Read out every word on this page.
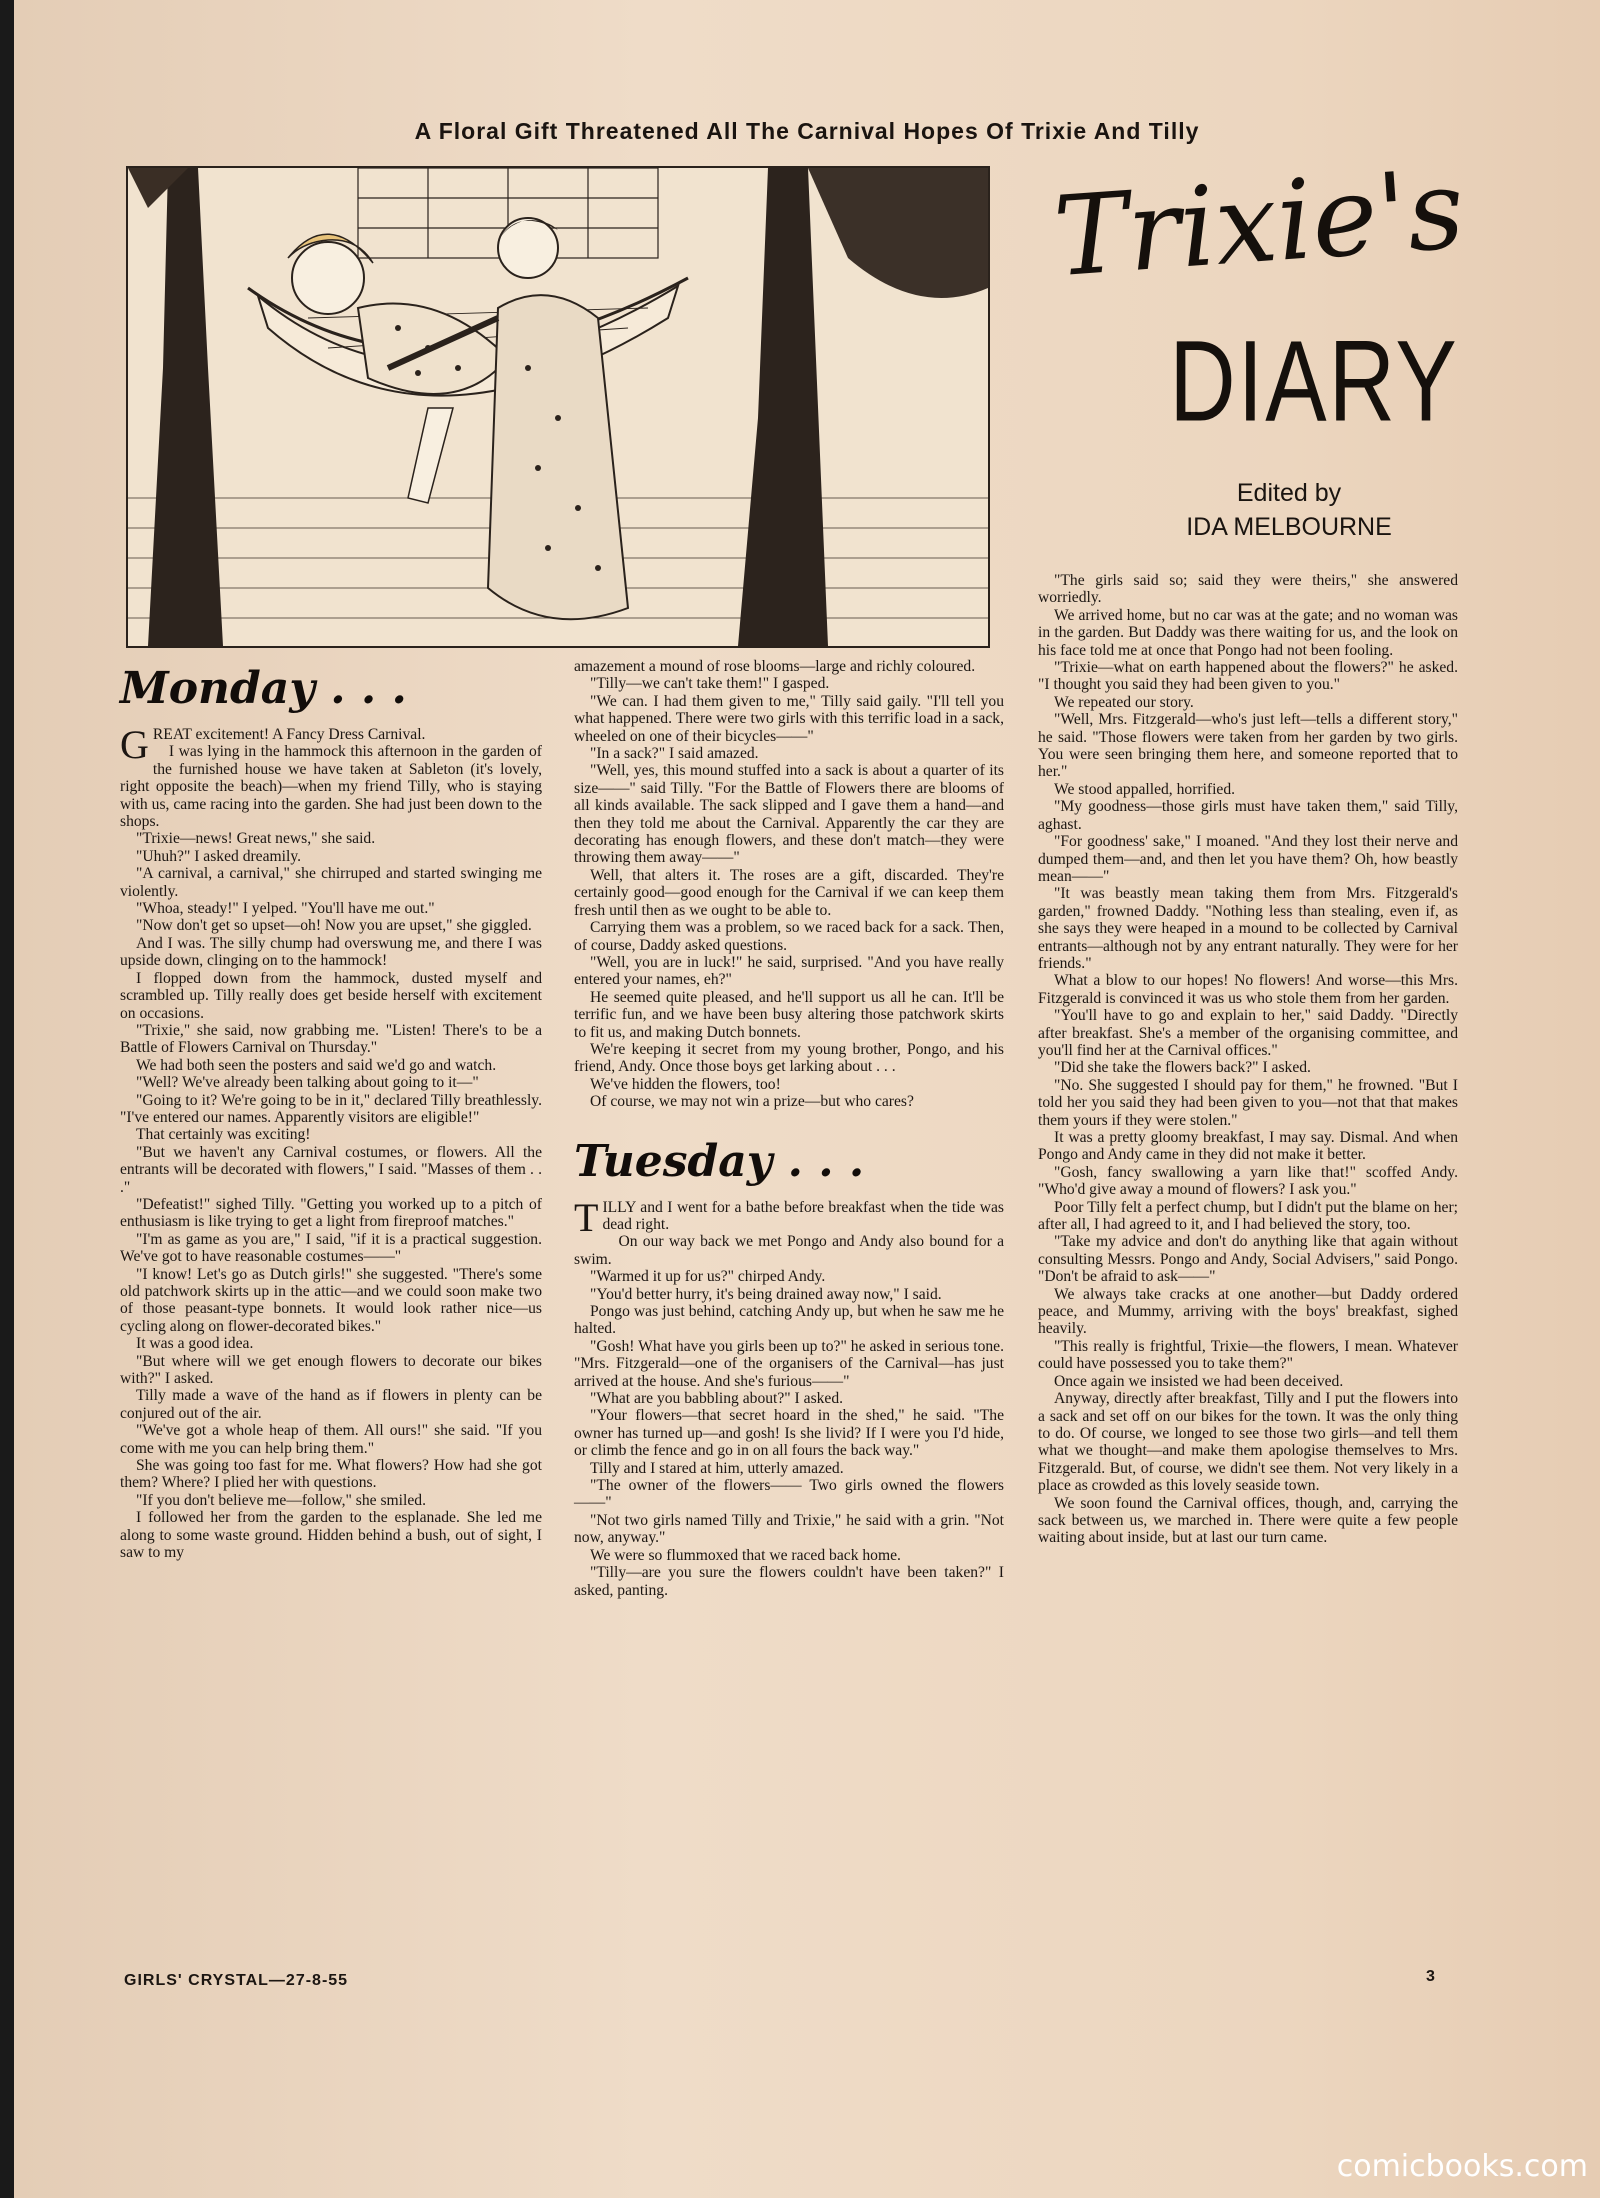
A Floral Gift Threatened All The Carnival Hopes Of Trixie And Tilly
Trixie's
DIARY
Edited by
IDA MELBOURNE
Monday . . .

GREAT excitement! A Fancy Dress Carnival.

I was lying in the hammock this afternoon in the garden of the furnished house we have taken at Sableton (it's lovely, right opposite the beach)—when my friend Tilly, who is staying with us, came racing into the garden. She had just been down to the shops.

"Trixie—news! Great news," she said.

"Uhuh?" I asked dreamily.

"A carnival, a carnival," she chirruped and started swinging me violently.

"Whoa, steady!" I yelped. "You'll have me out."

"Now don't get so upset—oh! Now you are upset," she giggled.

And I was. The silly chump had overswung me, and there I was upside down, clinging on to the hammock!

I flopped down from the hammock, dusted myself and scrambled up. Tilly really does get beside herself with excitement on occasions.

"Trixie," she said, now grabbing me. "Listen! There's to be a Battle of Flowers Carnival on Thursday."

We had both seen the posters and said we'd go and watch.

"Well? We've already been talking about going to it—"

"Going to it? We're going to be in it," declared Tilly breathlessly. "I've entered our names. Apparently visitors are eligible!"

That certainly was exciting!

"But we haven't any Carnival costumes, or flowers. All the entrants will be decorated with flowers," I said. "Masses of them . . ."

"Defeatist!" sighed Tilly. "Getting you worked up to a pitch of enthusiasm is like trying to get a light from fireproof matches."

"I'm as game as you are," I said, "if it is a practical suggestion. We've got to have reasonable costumes——"

"I know! Let's go as Dutch girls!" she suggested. "There's some old patchwork skirts up in the attic—and we could soon make two of those peasant-type bonnets. It would look rather nice—us cycling along on flower-decorated bikes."

It was a good idea.

"But where will we get enough flowers to decorate our bikes with?" I asked.

Tilly made a wave of the hand as if flowers in plenty can be conjured out of the air.

"We've got a whole heap of them. All ours!" she said. "If you come with me you can help bring them."

She was going too fast for me. What flowers? How had she got them? Where? I plied her with questions.

"If you don't believe me—follow," she smiled.

I followed her from the garden to the esplanade. She led me along to some waste ground. Hidden behind a bush, out of sight, I saw to my

amazement a mound of rose blooms—large and richly coloured.

"Tilly—we can't take them!" I gasped.

"We can. I had them given to me," Tilly said gaily. "I'll tell you what happened. There were two girls with this terrific load in a sack, wheeled on one of their bicycles——"

"In a sack?" I said amazed.

"Well, yes, this mound stuffed into a sack is about a quarter of its size——" said Tilly. "For the Battle of Flowers there are blooms of all kinds available. The sack slipped and I gave them a hand—and then they told me about the Carnival. Apparently the car they are decorating has enough flowers, and these don't match—they were throwing them away——"

Well, that alters it. The roses are a gift, discarded. They're certainly good—good enough for the Carnival if we can keep them fresh until then as we ought to be able to.

Carrying them was a problem, so we raced back for a sack. Then, of course, Daddy asked questions.

"Well, you are in luck!" he said, surprised. "And you have really entered your names, eh?"

He seemed quite pleased, and he'll support us all he can. It'll be terrific fun, and we have been busy altering those patchwork skirts to fit us, and making Dutch bonnets.

We're keeping it secret from my young brother, Pongo, and his friend, Andy. Once those boys get larking about . . .

We've hidden the flowers, too!

Of course, we may not win a prize—but who cares?

Tuesday . . .

TILLY and I went for a bathe before breakfast when the tide was dead right.

On our way back we met Pongo and Andy also bound for a swim.

"Warmed it up for us?" chirped Andy.

"You'd better hurry, it's being drained away now," I said.

Pongo was just behind, catching Andy up, but when he saw me he halted.

"Gosh! What have you girls been up to?" he asked in serious tone. "Mrs. Fitzgerald—one of the organisers of the Carnival—has just arrived at the house. And she's furious——"

"What are you babbling about?" I asked.

"Your flowers—that secret hoard in the shed," he said. "The owner has turned up—and gosh! Is she livid? If I were you I'd hide, or climb the fence and go in on all fours the back way."

Tilly and I stared at him, utterly amazed.

"The owner of the flowers—— Two girls owned the flowers——"

"Not two girls named Tilly and Trixie," he said with a grin. "Not now, anyway."

We were so flummoxed that we raced back home.

"Tilly—are you sure the flowers couldn't have been taken?" I asked, panting.

"The girls said so; said they were theirs," she answered worriedly.

We arrived home, but no car was at the gate; and no woman was in the garden. But Daddy was there waiting for us, and the look on his face told me at once that Pongo had not been fooling.

"Trixie—what on earth happened about the flowers?" he asked. "I thought you said they had been given to you."

We repeated our story.

"Well, Mrs. Fitzgerald—who's just left—tells a different story," he said. "Those flowers were taken from her garden by two girls. You were seen bringing them here, and someone reported that to her."

We stood appalled, horrified.

"My goodness—those girls must have taken them," said Tilly, aghast.

"For goodness' sake," I moaned. "And they lost their nerve and dumped them—and, and then let you have them? Oh, how beastly mean——"

"It was beastly mean taking them from Mrs. Fitzgerald's garden," frowned Daddy. "Nothing less than stealing, even if, as she says they were heaped in a mound to be collected by Carnival entrants—although not by any entrant naturally. They were for her friends."

What a blow to our hopes! No flowers! And worse—this Mrs. Fitzgerald is convinced it was us who stole them from her garden.

"You'll have to go and explain to her," said Daddy. "Directly after breakfast. She's a member of the organising committee, and you'll find her at the Carnival offices."

"Did she take the flowers back?" I asked.

"No. She suggested I should pay for them," he frowned. "But I told her you said they had been given to you—not that that makes them yours if they were stolen."

It was a pretty gloomy breakfast, I may say. Dismal. And when Pongo and Andy came in they did not make it better.

"Gosh, fancy swallowing a yarn like that!" scoffed Andy. "Who'd give away a mound of flowers? I ask you."

Poor Tilly felt a perfect chump, but I didn't put the blame on her; after all, I had agreed to it, and I had believed the story, too.

"Take my advice and don't do anything like that again without consulting Messrs. Pongo and Andy, Social Advisers," said Pongo. "Don't be afraid to ask——"

We always take cracks at one another—but Daddy ordered peace, and Mummy, arriving with the boys' breakfast, sighed heavily.

"This really is frightful, Trixie—the flowers, I mean. Whatever could have possessed you to take them?"

Once again we insisted we had been deceived.

Anyway, directly after breakfast, Tilly and I put the flowers into a sack and set off on our bikes for the town. It was the only thing to do. Of course, we longed to see those two girls—and tell them what we thought—and make them apologise themselves to Mrs. Fitzgerald. But, of course, we didn't see them. Not very likely in a place as crowded as this lovely seaside town.

We soon found the Carnival offices, though, and, carrying the sack between us, we marched in. There were quite a few people waiting about inside, but at last our turn came.

GIRLS' CRYSTAL—27-8-55	3
comicbooks.com
